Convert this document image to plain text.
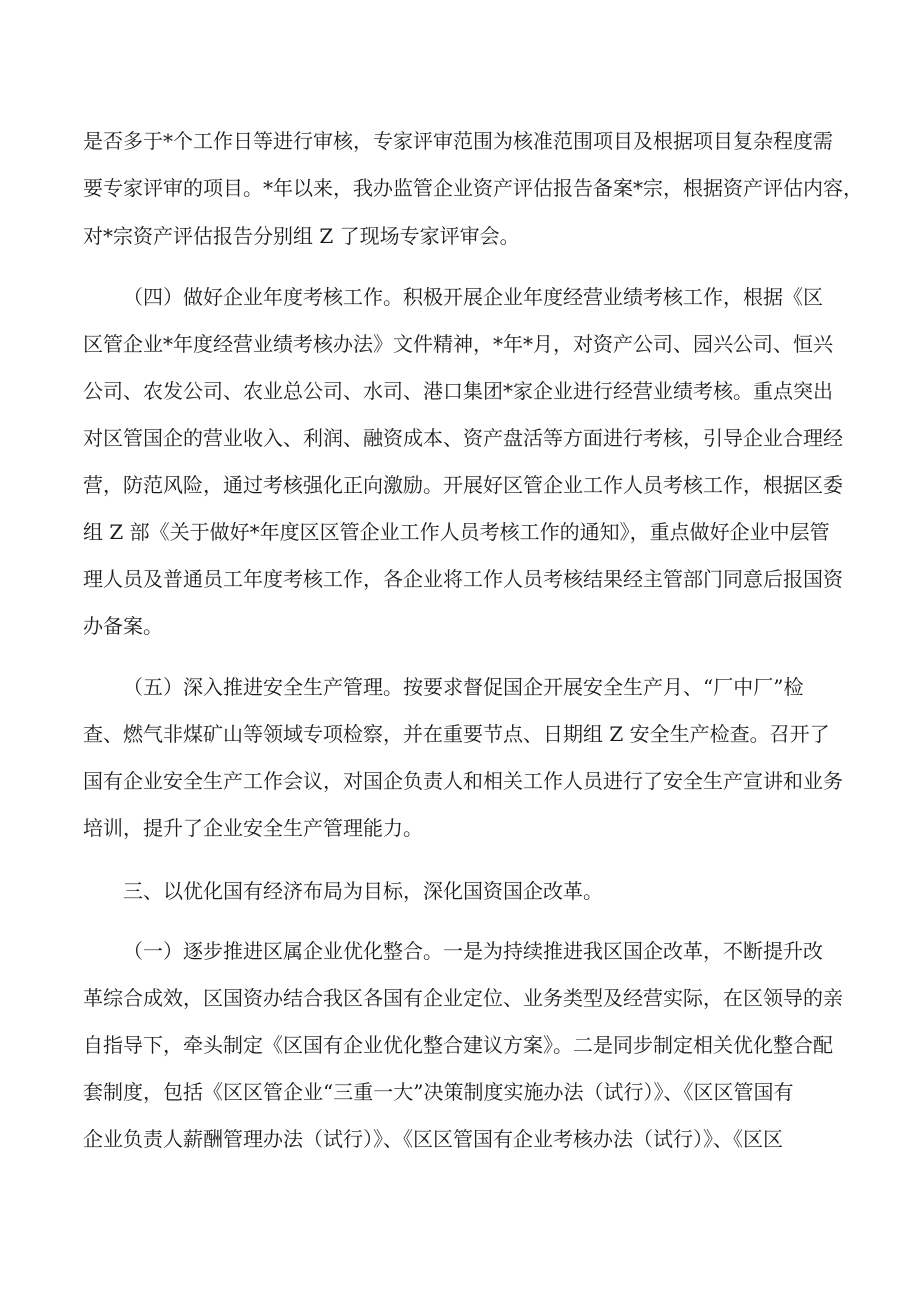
是否多于*个工作日等进行审核，专家评审范围为核准范围项目及根据项目复杂程度需
要专家评审的项目。*年以来，我办监管企业资产评估报告备案*宗，根据资产评估内容，
对*宗资产评估报告分别组 Z 了现场专家评审会。
（四）做好企业年度考核工作。积极开展企业年度经营业绩考核工作，根据《区
区管企业*年度经营业绩考核办法》文件精神，*年*月，对资产公司、园兴公司、恒兴
公司、农发公司、农业总公司、水司、港口集团*家企业进行经营业绩考核。重点突出
对区管国企的营业收入、利润、融资成本、资产盘活等方面进行考核，引导企业合理经
营，防范风险，通过考核强化正向激励。开展好区管企业工作人员考核工作，根据区委
组 Z 部《关于做好*年度区区管企业工作人员考核工作的通知》，重点做好企业中层管
理人员及普通员工年度考核工作，各企业将工作人员考核结果经主管部门同意后报国资
办备案。
（五）深入推进安全生产管理。按要求督促国企开展安全生产月、“厂中厂”检
查、燃气非煤矿山等领域专项检察，并在重要节点、日期组 Z 安全生产检查。召开了
国有企业安全生产工作会议，对国企负责人和相关工作人员进行了安全生产宣讲和业务
培训，提升了企业安全生产管理能力。
三、以优化国有经济布局为目标，深化国资国企改革。
（一）逐步推进区属企业优化整合。一是为持续推进我区国企改革，不断提升改
革综合成效，区国资办结合我区各国有企业定位、业务类型及经营实际，在区领导的亲
自指导下，牵头制定《区国有企业优化整合建议方案》。二是同步制定相关优化整合配
套制度，包括《区区管企业“三重一大”决策制度实施办法（试行）》、《区区管国有
企业负责人薪酬管理办法（试行）》、《区区管国有企业考核办法（试行）》、《区区
